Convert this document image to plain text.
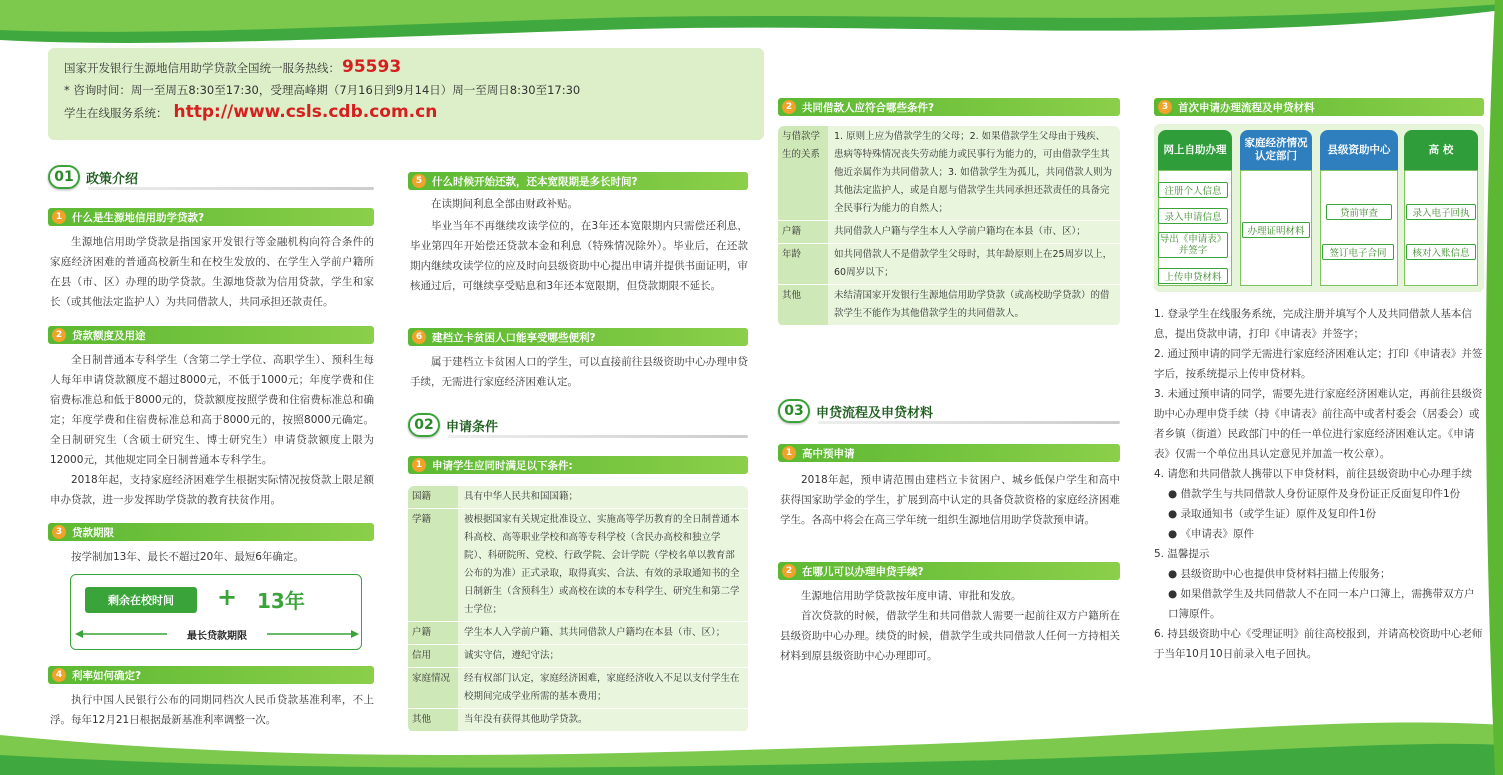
国家开发银行生源地信用助学贷款全国统一服务热线： 95593
* 咨询时间：周一至周五8:30至17:30，受理高峰期（7月16日到9月14日）周一至周日8:30至17:30
学生在线服务系统： http://www.csls.cdb.com.cn
01 政策介绍
1 什么是生源地信用助学贷款?
生源地信用助学贷款是指国家开发银行等金融机构向符合条件的家庭经济困难的普通高校新生和在校生发放的、在学生入学前户籍所在县（市、区）办理的助学贷款。生源地贷款为信用贷款，学生和家长（或其他法定监护人）为共同借款人，共同承担还款责任。
2 贷款额度及用途
全日制普通本专科学生（含第二学士学位、高职学生）、预科生每人每年申请贷款额度不超过8000元，不低于1000元；年度学费和住宿费标准总和低于8000元的，贷款额度按照学费和住宿费标准总和确定；年度学费和住宿费标准总和高于8000元的，按照8000元确定。全日制研究生（含硕士研究生、博士研究生）申请贷款额度上限为12000元，其他规定同全日制普通本专科学生。
2018年起，支持家庭经济困难学生根据实际情况按贷款上限足额申办贷款，进一步发挥助学贷款的教育扶贫作用。
3 贷款期限
按学制加13年、最长不超过20年、最短6年确定。
剩余在校时间	+ 13年
最长贷款期限
4 利率如何确定?
执行中国人民银行公布的同期同档次人民币贷款基准利率，不上浮。每年12月21日根据最新基准利率调整一次。
5 什么时候开始还款，还本宽限期是多长时间?
在读期间利息全部由财政补贴。
毕业当年不再继续攻读学位的，在3年还本宽限期内只需偿还利息，毕业第四年开始偿还贷款本金和利息（特殊情况除外）。毕业后，在还款期内继续攻读学位的应及时向县级资助中心提出申请并提供书面证明，审核通过后，可继续享受贴息和3年还本宽限期，但贷款期限不延长。
6 建档立卡贫困人口能享受哪些便利?
属于建档立卡贫困人口的学生，可以直接前往县级资助中心办理申贷手续，无需进行家庭经济困难认定。
02 申请条件
1 申请学生应同时满足以下条件:
国籍	具有中华人民共和国国籍；
学籍	被根据国家有关规定批准设立、实施高等学历教育的全日制普通本科高校、高等职业学校和高等专科学校（含民办高校和独立学院）、科研院所、党校、行政学院、会计学院（学校名单以教育部公布的为准）正式录取，取得真实、合法、有效的录取通知书的全日制新生（含预科生）或高校在读的本专科学生、研究生和第二学士学位；
户籍	学生本人入学前户籍、其共同借款人户籍均在本县（市、区）；
信用	诚实守信，遵纪守法；
家庭情况	经有权部门认定，家庭经济困难，家庭经济收入不足以支付学生在校期间完成学业所需的基本费用；
其他	当年没有获得其他助学贷款。
2 共同借款人应符合哪些条件?
与借款学生的关系
1. 原则上应为借款学生的父母；2. 如果借款学生父母由于残疾、患病等特殊情况丧失劳动能力或民事行为能力的，可由借款学生其他近亲属作为共同借款人；3. 如借款学生为孤儿，共同借款人则为其他法定监护人，或是自愿与借款学生共同承担还款责任的具备完全民事行为能力的自然人；
户籍	共同借款人户籍与学生本人入学前户籍均在本县（市、区）；
年龄	如共同借款人不是借款学生父母时，其年龄原则上在25周岁以上，60周岁以下；
其他	未结清国家开发银行生源地信用助学贷款（或高校助学贷款）的借款学生不能作为其他借款学生的共同借款人。
03 申贷流程及申贷材料
1 高中预申请
2018年起，预申请范围由建档立卡贫困户、城乡低保户学生和高中获得国家助学金的学生，扩展到高中认定的具备贷款资格的家庭经济困难学生。各高中将会在高三学年统一组织生源地信用助学贷款预申请。
2 在哪儿可以办理申贷手续?
生源地信用助学贷款按年度申请、审批和发放。
首次贷款的时候，借款学生和共同借款人需要一起前往双方户籍所在县级资助中心办理。续贷的时候，借款学生或共同借款人任何一方持相关材料到原县级资助中心办理即可。
3 首次申请办理流程及申贷材料
网上自助办理
家庭经济情况认定部门
县级资助中心	高 校
注册个人信息
录入申请信息
导出《申请表》并签字
上传申贷材料
办理证明材料
贷前审查
签订电子合同
录入电子回执
核对入账信息
1. 登录学生在线服务系统，完成注册并填写个人及共同借款人基本信息，提出贷款申请，打印《申请表》并签字；
2. 通过预申请的同学无需进行家庭经济困难认定；打印《申请表》并签字后，按系统提示上传申贷材料。
3. 未通过预申请的同学，需要先进行家庭经济困难认定，再前往县级资助中心办理申贷手续（持《申请表》前往高中或者村委会（居委会）或者乡镇（街道）民政部门中的任一单位进行家庭经济困难认定。《申请表》仅需一个单位出具认定意见并加盖一枚公章）。
4. 请您和共同借款人携带以下申贷材料，前往县级资助中心办理手续
● 借款学生与共同借款人身份证原件及身份证正反面复印件1份
● 录取通知书（或学生证）原件及复印件1份
● 《申请表》原件
5. 温馨提示
● 县级资助中心也提供申贷材料扫描上传服务；
● 如果借款学生及共同借款人不在同一本户口簿上，需携带双方户口簿原件。
6. 持县级资助中心《受理证明》前往高校报到，并请高校资助中心老师于当年10月10日前录入电子回执。
